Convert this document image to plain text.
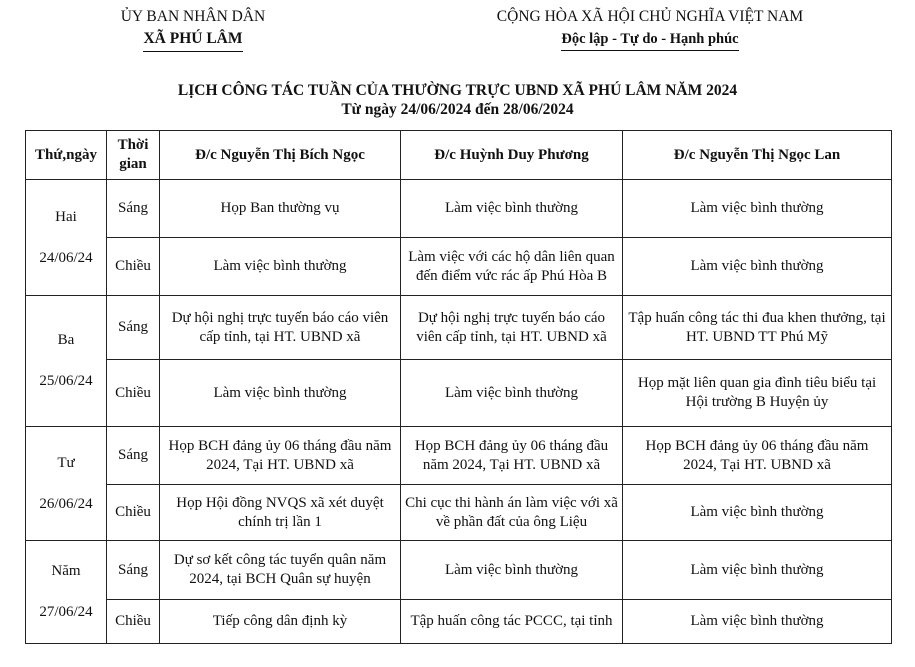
ỦY BAN NHÂN DÂN

XÃ PHÚ LÂM
CỘNG HÒA XÃ HỘI CHỦ NGHĨA VIỆT NAM
Độc lập - Tự do - Hạnh phúc
LỊCH CÔNG TÁC TUẦN CỦA THƯỜNG TRỰC UBND XÃ PHÚ LÂM NĂM 2024
Từ ngày 24/06/2024 đến 28/06/2024
Thứ,ngày	Thời gian	Đ/c Nguyễn Thị Bích Ngọc	Đ/c Huỳnh Duy Phương	Đ/c Nguyễn Thị Ngọc Lan

Hai
24/06/24	Sáng	Họp Ban thường vụ	Làm việc bình thường	Làm việc bình thường
	Chiều	Làm việc bình thường	Làm việc với các hộ dân liên quan đến điểm vức rác ấp Phú Hòa B	Làm việc bình thường

Ba
25/06/24	Sáng	Dự hội nghị trực tuyến báo cáo viên cấp tỉnh, tại HT. UBND xã	Dự hội nghị trực tuyến báo cáo viên cấp tỉnh, tại HT. UBND xã	Tập huấn công tác thi đua khen thưởng, tại HT. UBND TT Phú Mỹ
	Chiều	Làm việc bình thường	Làm việc bình thường	Họp mặt liên quan gia đình tiêu biểu tại Hội trường B Huyện ủy

Tư
26/06/24	Sáng	Họp BCH đảng ủy 06 tháng đầu năm 2024, Tại HT. UBND xã	Họp BCH đảng ủy 06 tháng đầu năm 2024, Tại HT. UBND xã	Họp BCH đảng ủy 06 tháng đầu năm 2024, Tại HT. UBND xã
	Chiều	Họp Hội đồng NVQS xã xét duyệt chính trị lần 1	Chi cục thi hành án làm việc với xã về phần đất của ông Liệu	Làm việc bình thường

Năm
27/06/24	Sáng	Dự sơ kết công tác tuyển quân năm 2024, tại BCH Quân sự huyện	Làm việc bình thường	Làm việc bình thường
	Chiều	Tiếp công dân định kỳ	Tập huấn công tác PCCC, tại tỉnh	Làm việc bình thường
